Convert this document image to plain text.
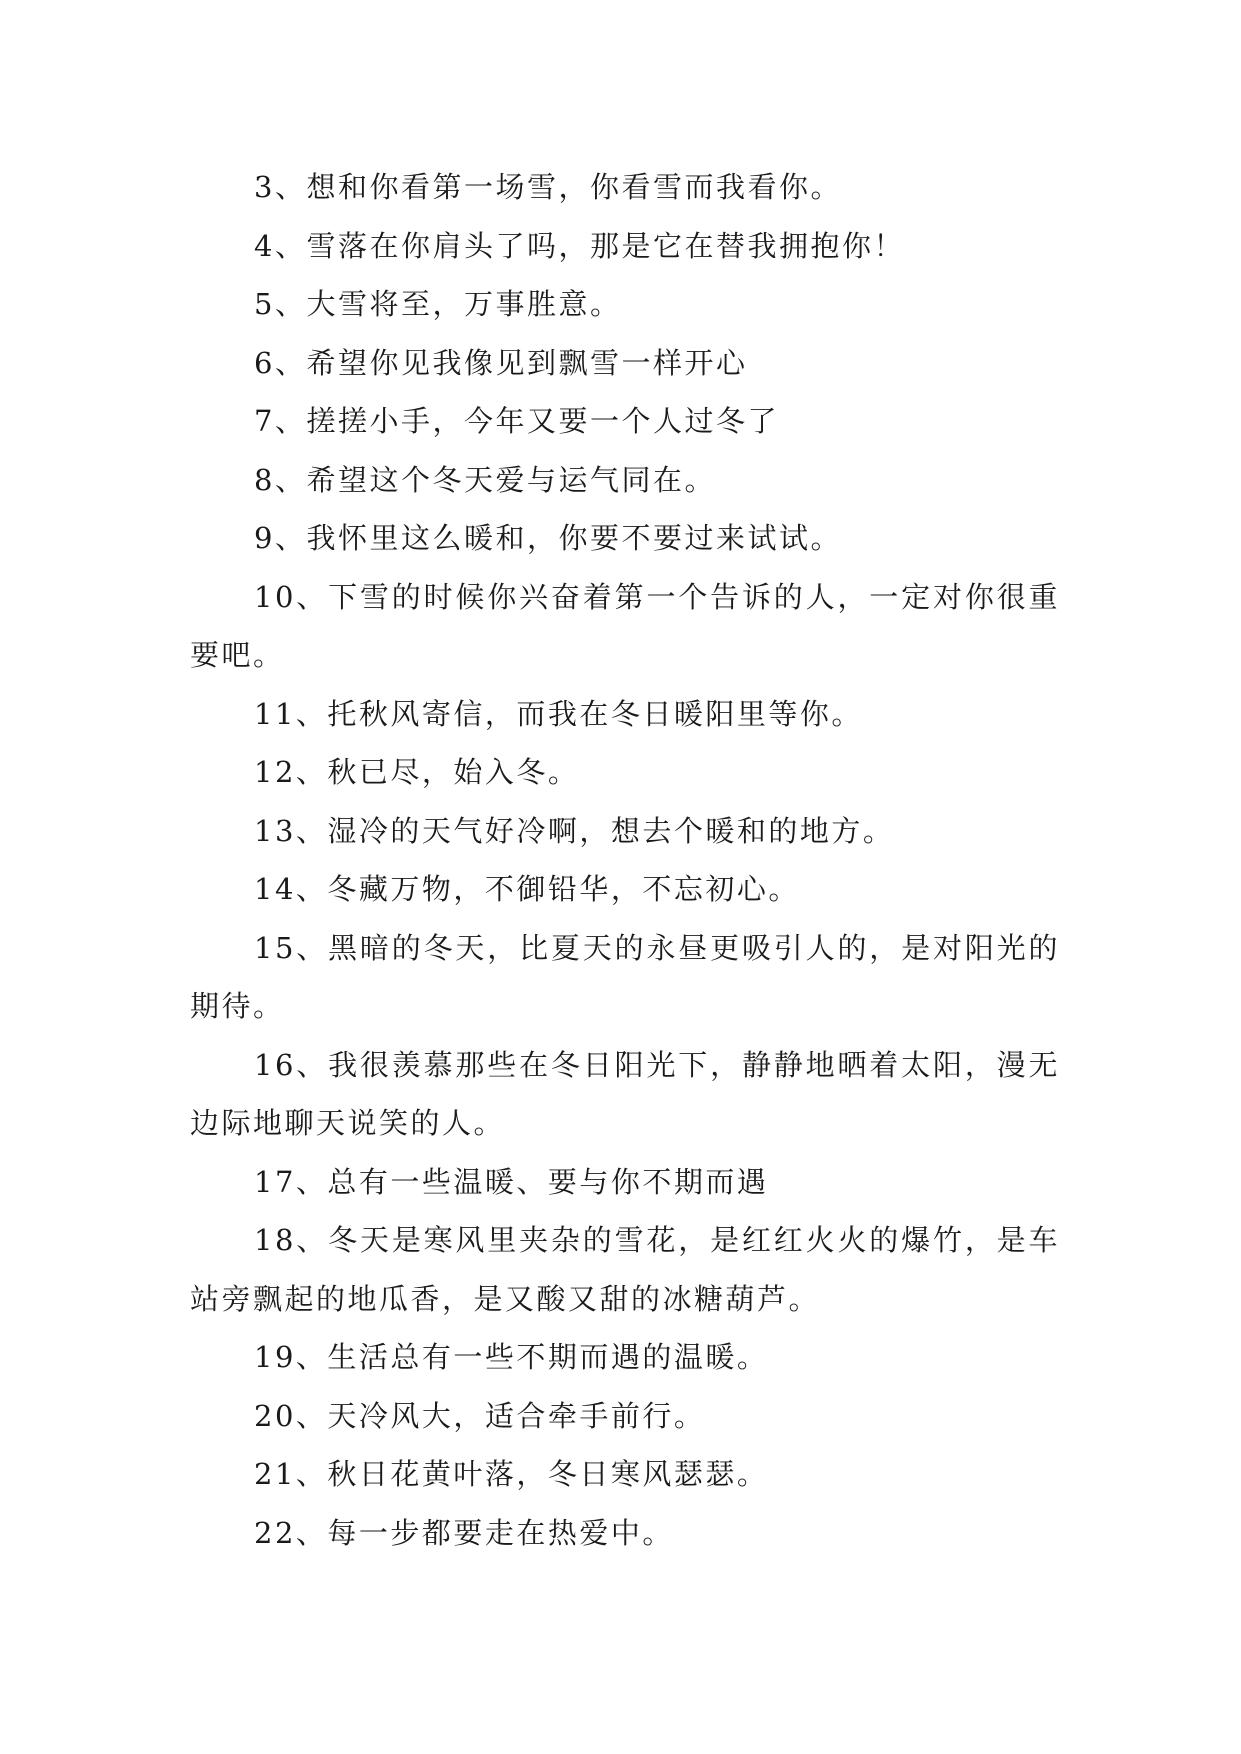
3、想和你看第一场雪，你看雪而我看你。

4、雪落在你肩头了吗，那是它在替我拥抱你！

5、大雪将至，万事胜意。

6、希望你见我像见到飘雪一样开心

7、搓搓小手，今年又要一个人过冬了

8、希望这个冬天爱与运气同在。

9、我怀里这么暖和，你要不要过来试试。

10、下雪的时候你兴奋着第一个告诉的人，一定对你很重要吧。

11、托秋风寄信，而我在冬日暖阳里等你。

12、秋已尽，始入冬。

13、湿冷的天气好冷啊，想去个暖和的地方。

14、冬藏万物，不御铅华，不忘初心。

15、黑暗的冬天，比夏天的永昼更吸引人的，是对阳光的期待。

16、我很羡慕那些在冬日阳光下，静静地晒着太阳，漫无边际地聊天说笑的人。

17、总有一些温暖、要与你不期而遇

18、冬天是寒风里夹杂的雪花，是红红火火的爆竹，是车站旁飘起的地瓜香，是又酸又甜的冰糖葫芦。

19、生活总有一些不期而遇的温暖。

20、天冷风大，适合牵手前行。

21、秋日花黄叶落，冬日寒风瑟瑟。

22、每一步都要走在热爱中。
